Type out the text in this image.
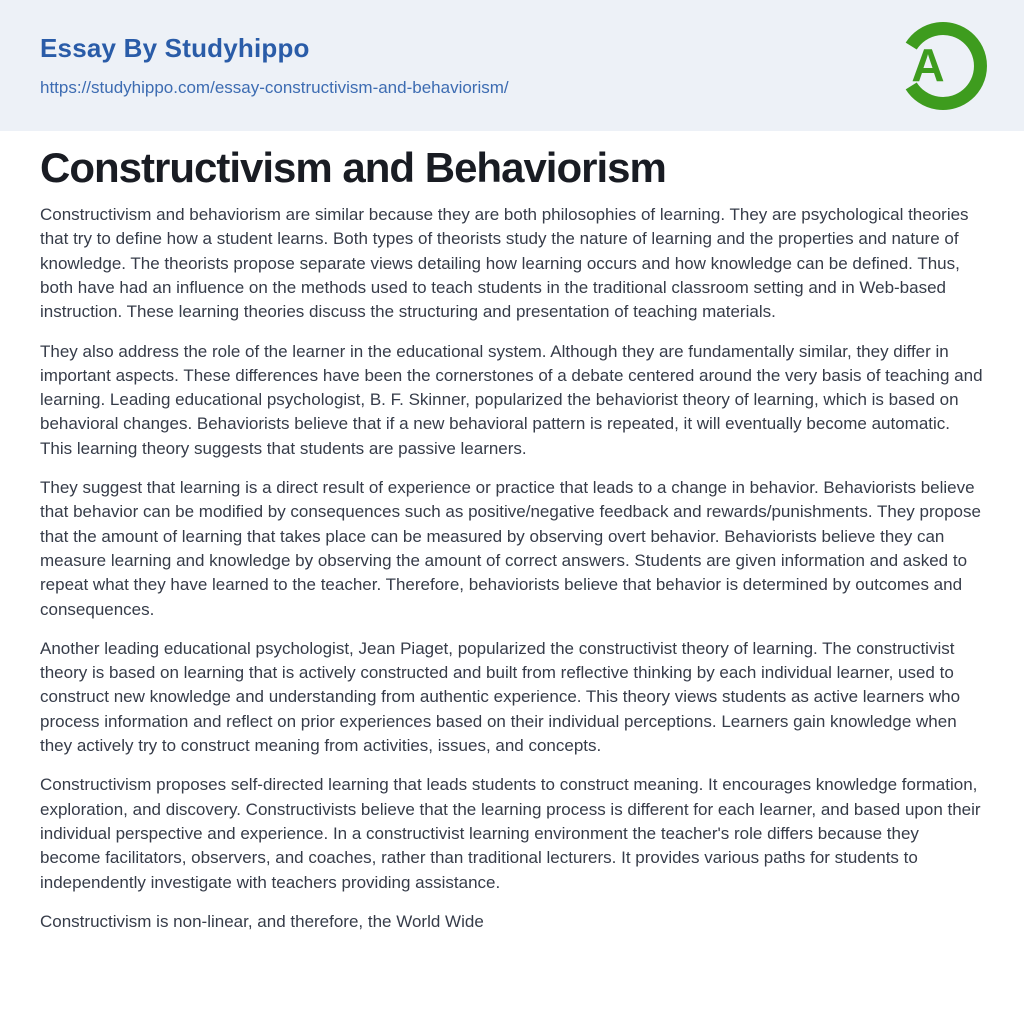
Essay By Studyhippo
https://studyhippo.com/essay-constructivism-and-behaviorism/	A
Constructivism and Behaviorism

Constructivism and behaviorism are similar because they are both philosophies of learning. They are psychological theories that try to define how a student learns. Both types of theorists study the nature of learning and the properties and nature of knowledge. The theorists propose separate views detailing how learning occurs and how knowledge can be defined. Thus, both have had an influence on the methods used to teach students in the traditional classroom setting and in Web-based instruction. These learning theories discuss the structuring and presentation of teaching materials.

They also address the role of the learner in the educational system. Although they are fundamentally similar, they differ in important aspects. These differences have been the cornerstones of a debate centered around the very basis of teaching and learning. Leading educational psychologist, B. F. Skinner, popularized the behaviorist theory of learning, which is based on behavioral changes. Behaviorists believe that if a new behavioral pattern is repeated, it will eventually become automatic. This learning theory suggests that students are passive learners.

They suggest that learning is a direct result of experience or practice that leads to a change in behavior. Behaviorists believe that behavior can be modified by consequences such as positive/negative feedback and rewards/punishments. They propose that the amount of learning that takes place can be measured by observing overt behavior. Behaviorists believe they can measure learning and knowledge by observing the amount of correct answers. Students are given information and asked to repeat what they have learned to the teacher. Therefore, behaviorists believe that behavior is determined by outcomes and consequences.

Another leading educational psychologist, Jean Piaget, popularized the constructivist theory of learning. The constructivist theory is based on learning that is actively constructed and built from reflective thinking by each individual learner, used to construct new knowledge and understanding from authentic experience. This theory views students as active learners who process information and reflect on prior experiences based on their individual perceptions. Learners gain knowledge when they actively try to construct meaning from activities, issues, and concepts.

Constructivism proposes self-directed learning that leads students to construct meaning. It encourages knowledge formation, exploration, and discovery. Constructivists believe that the learning process is different for each learner, and based upon their individual perspective and experience. In a constructivist learning environment the teacher's role differs because they become facilitators, observers, and coaches, rather than traditional lecturers. It provides various paths for students to independently investigate with teachers providing assistance.

Constructivism is non-linear, and therefore, the World Wide
